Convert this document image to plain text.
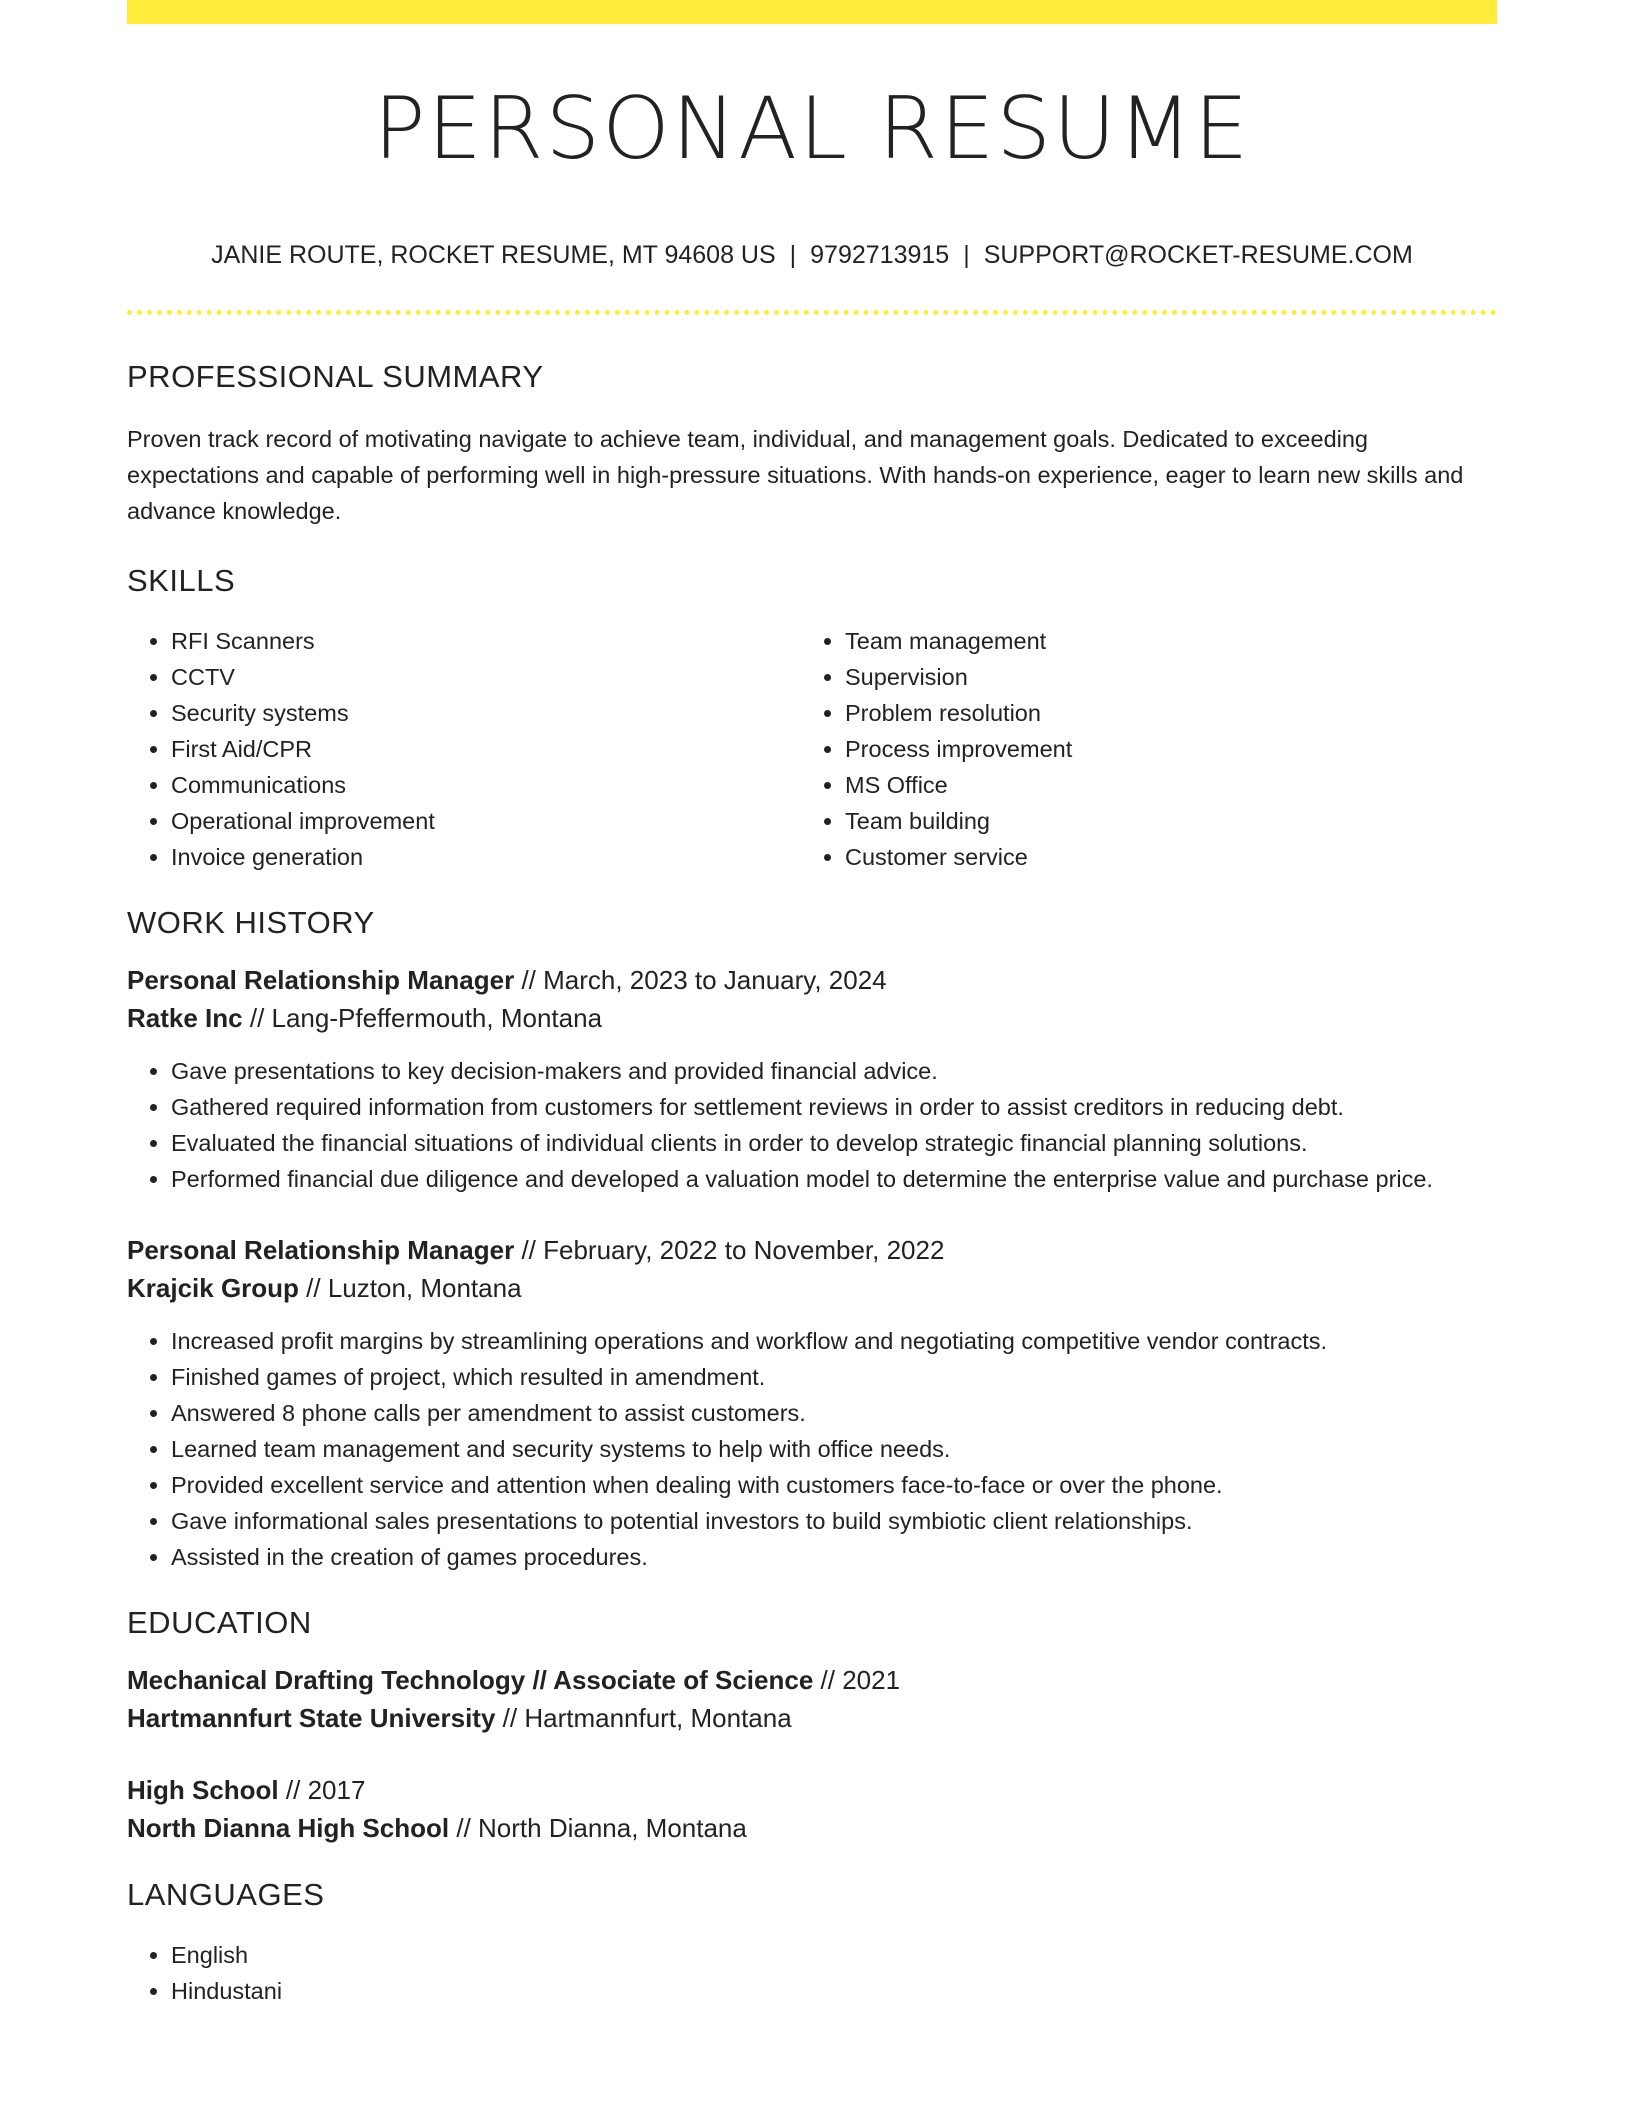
PERSONAL RESUME
JANIE ROUTE, ROCKET RESUME, MT 94608 US | 9792713915 | SUPPORT@ROCKET-RESUME.COM
PROFESSIONAL SUMMARY
Proven track record of motivating navigate to achieve team, individual, and management goals. Dedicated to exceeding expectations and capable of performing well in high-pressure situations. With hands-on experience, eager to learn new skills and advance knowledge.
SKILLS
• RFI Scanners
• CCTV
• Security systems
• First Aid/CPR
• Communications
• Operational improvement
• Invoice generation
• Team management
• Supervision
• Problem resolution
• Process improvement
• MS Office
• Team building
• Customer service
WORK HISTORY
Personal Relationship Manager // March, 2023 to January, 2024
Ratke Inc // Lang-Pfeffermouth, Montana
• Gave presentations to key decision-makers and provided financial advice.
• Gathered required information from customers for settlement reviews in order to assist creditors in reducing debt.
• Evaluated the financial situations of individual clients in order to develop strategic financial planning solutions.
• Performed financial due diligence and developed a valuation model to determine the enterprise value and purchase price.
Personal Relationship Manager // February, 2022 to November, 2022
Krajcik Group // Luzton, Montana
• Increased profit margins by streamlining operations and workflow and negotiating competitive vendor contracts.
• Finished games of project, which resulted in amendment.
• Answered 8 phone calls per amendment to assist customers.
• Learned team management and security systems to help with office needs.
• Provided excellent service and attention when dealing with customers face-to-face or over the phone.
• Gave informational sales presentations to potential investors to build symbiotic client relationships.
• Assisted in the creation of games procedures.
EDUCATION
Mechanical Drafting Technology // Associate of Science // 2021
Hartmannfurt State University // Hartmannfurt, Montana
High School // 2017
North Dianna High School // North Dianna, Montana
LANGUAGES
• English
• Hindustani
